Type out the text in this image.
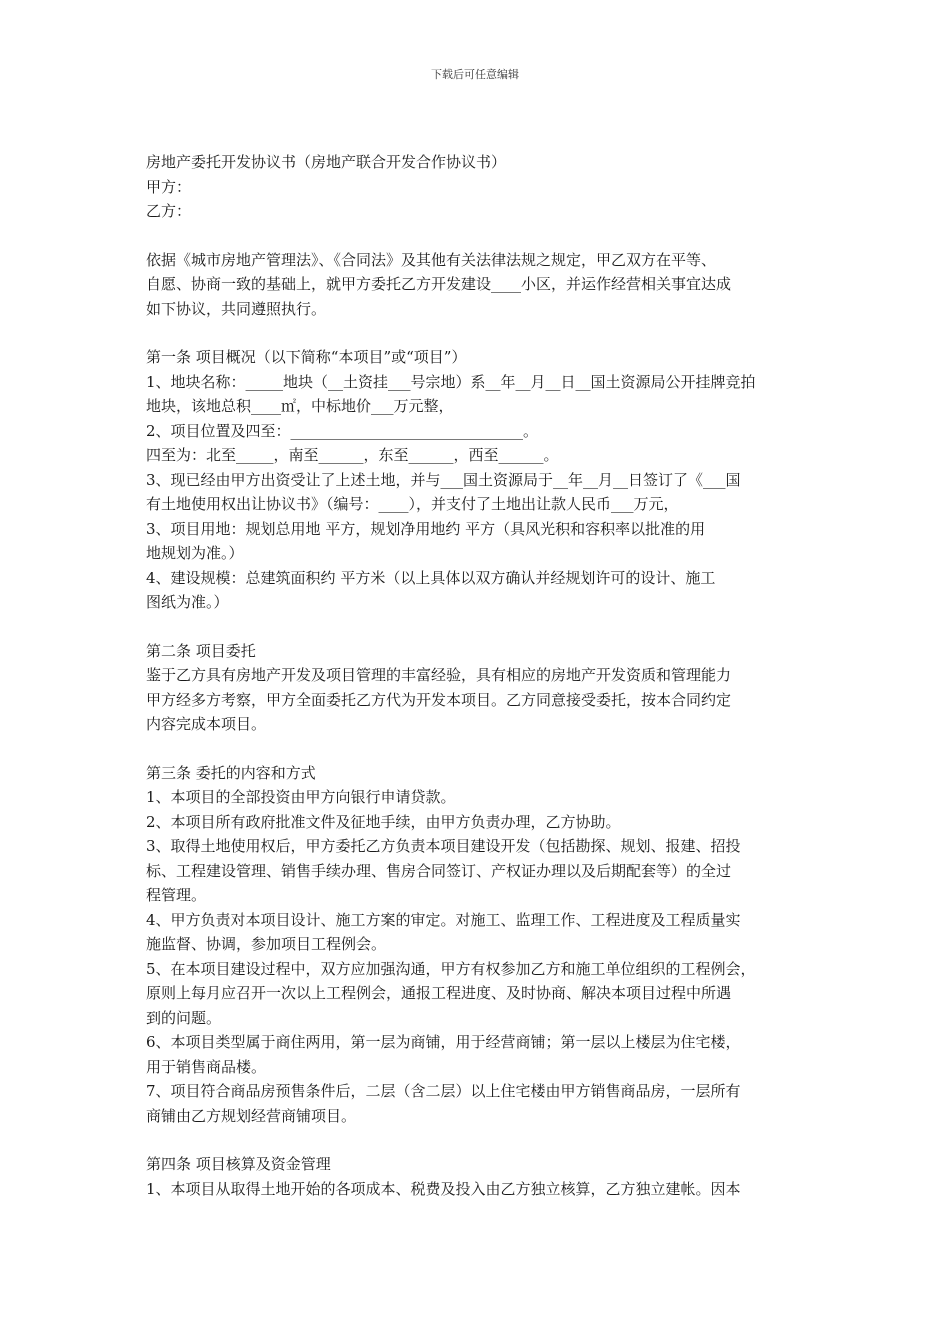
下载后可任意编辑
房地产委托开发协议书（房地产联合开发合作协议书）
甲方：
乙方：
依据《城市房地产管理法》、《合同法》及其他有关法律法规之规定，甲乙双方在平等、
自愿、协商一致的基础上，就甲方委托乙方开发建设____小区，并运作经营相关事宜达成
如下协议，共同遵照执行。
第一条 项目概况（以下简称“本项目”或“项目”）
1、地块名称：_____地块（__土资挂___号宗地）系__年__月__日__国土资源局公开挂牌竞拍
地块，该地总积____㎡，中标地价___万元整，
2、项目位置及四至：_______________________________。
四至为：北至_____，南至______，东至______，西至______。
3、现已经由甲方出资受让了上述土地，并与___国土资源局于__年__月__日签订了《___国
有土地使用权出让协议书》（编号：____），并支付了土地出让款人民币___万元，
3、项目用地：规划总用地 平方，规划净用地约 平方（具风光积和容积率以批准的用
地规划为准。）
4、建设规模：总建筑面积约 平方米（以上具体以双方确认并经规划许可的设计、施工
图纸为准。）
第二条 项目委托
鉴于乙方具有房地产开发及项目管理的丰富经验，具有相应的房地产开发资质和管理能力
甲方经多方考察，甲方全面委托乙方代为开发本项目。乙方同意接受委托，按本合同约定
内容完成本项目。
第三条 委托的内容和方式
1、本项目的全部投资由甲方向银行申请贷款。
2、本项目所有政府批准文件及征地手续，由甲方负责办理，乙方协助。
3、取得土地使用权后，甲方委托乙方负责本项目建设开发（包括勘探、规划、报建、招投
标、工程建设管理、销售手续办理、售房合同签订、产权证办理以及后期配套等）的全过
程管理。
4、甲方负责对本项目设计、施工方案的审定。对施工、监理工作、工程进度及工程质量实
施监督、协调，参加项目工程例会。
5、在本项目建设过程中，双方应加强沟通，甲方有权参加乙方和施工单位组织的工程例会，
原则上每月应召开一次以上工程例会，通报工程进度、及时协商、解决本项目过程中所遇
到的问题。
6、本项目类型属于商住两用，第一层为商铺，用于经营商铺；第一层以上楼层为住宅楼，
用于销售商品楼。
7、项目符合商品房预售条件后，二层（含二层）以上住宅楼由甲方销售商品房，一层所有
商铺由乙方规划经营商铺项目。
第四条 项目核算及资金管理
1、本项目从取得土地开始的各项成本、税费及投入由乙方独立核算，乙方独立建帐。因本
